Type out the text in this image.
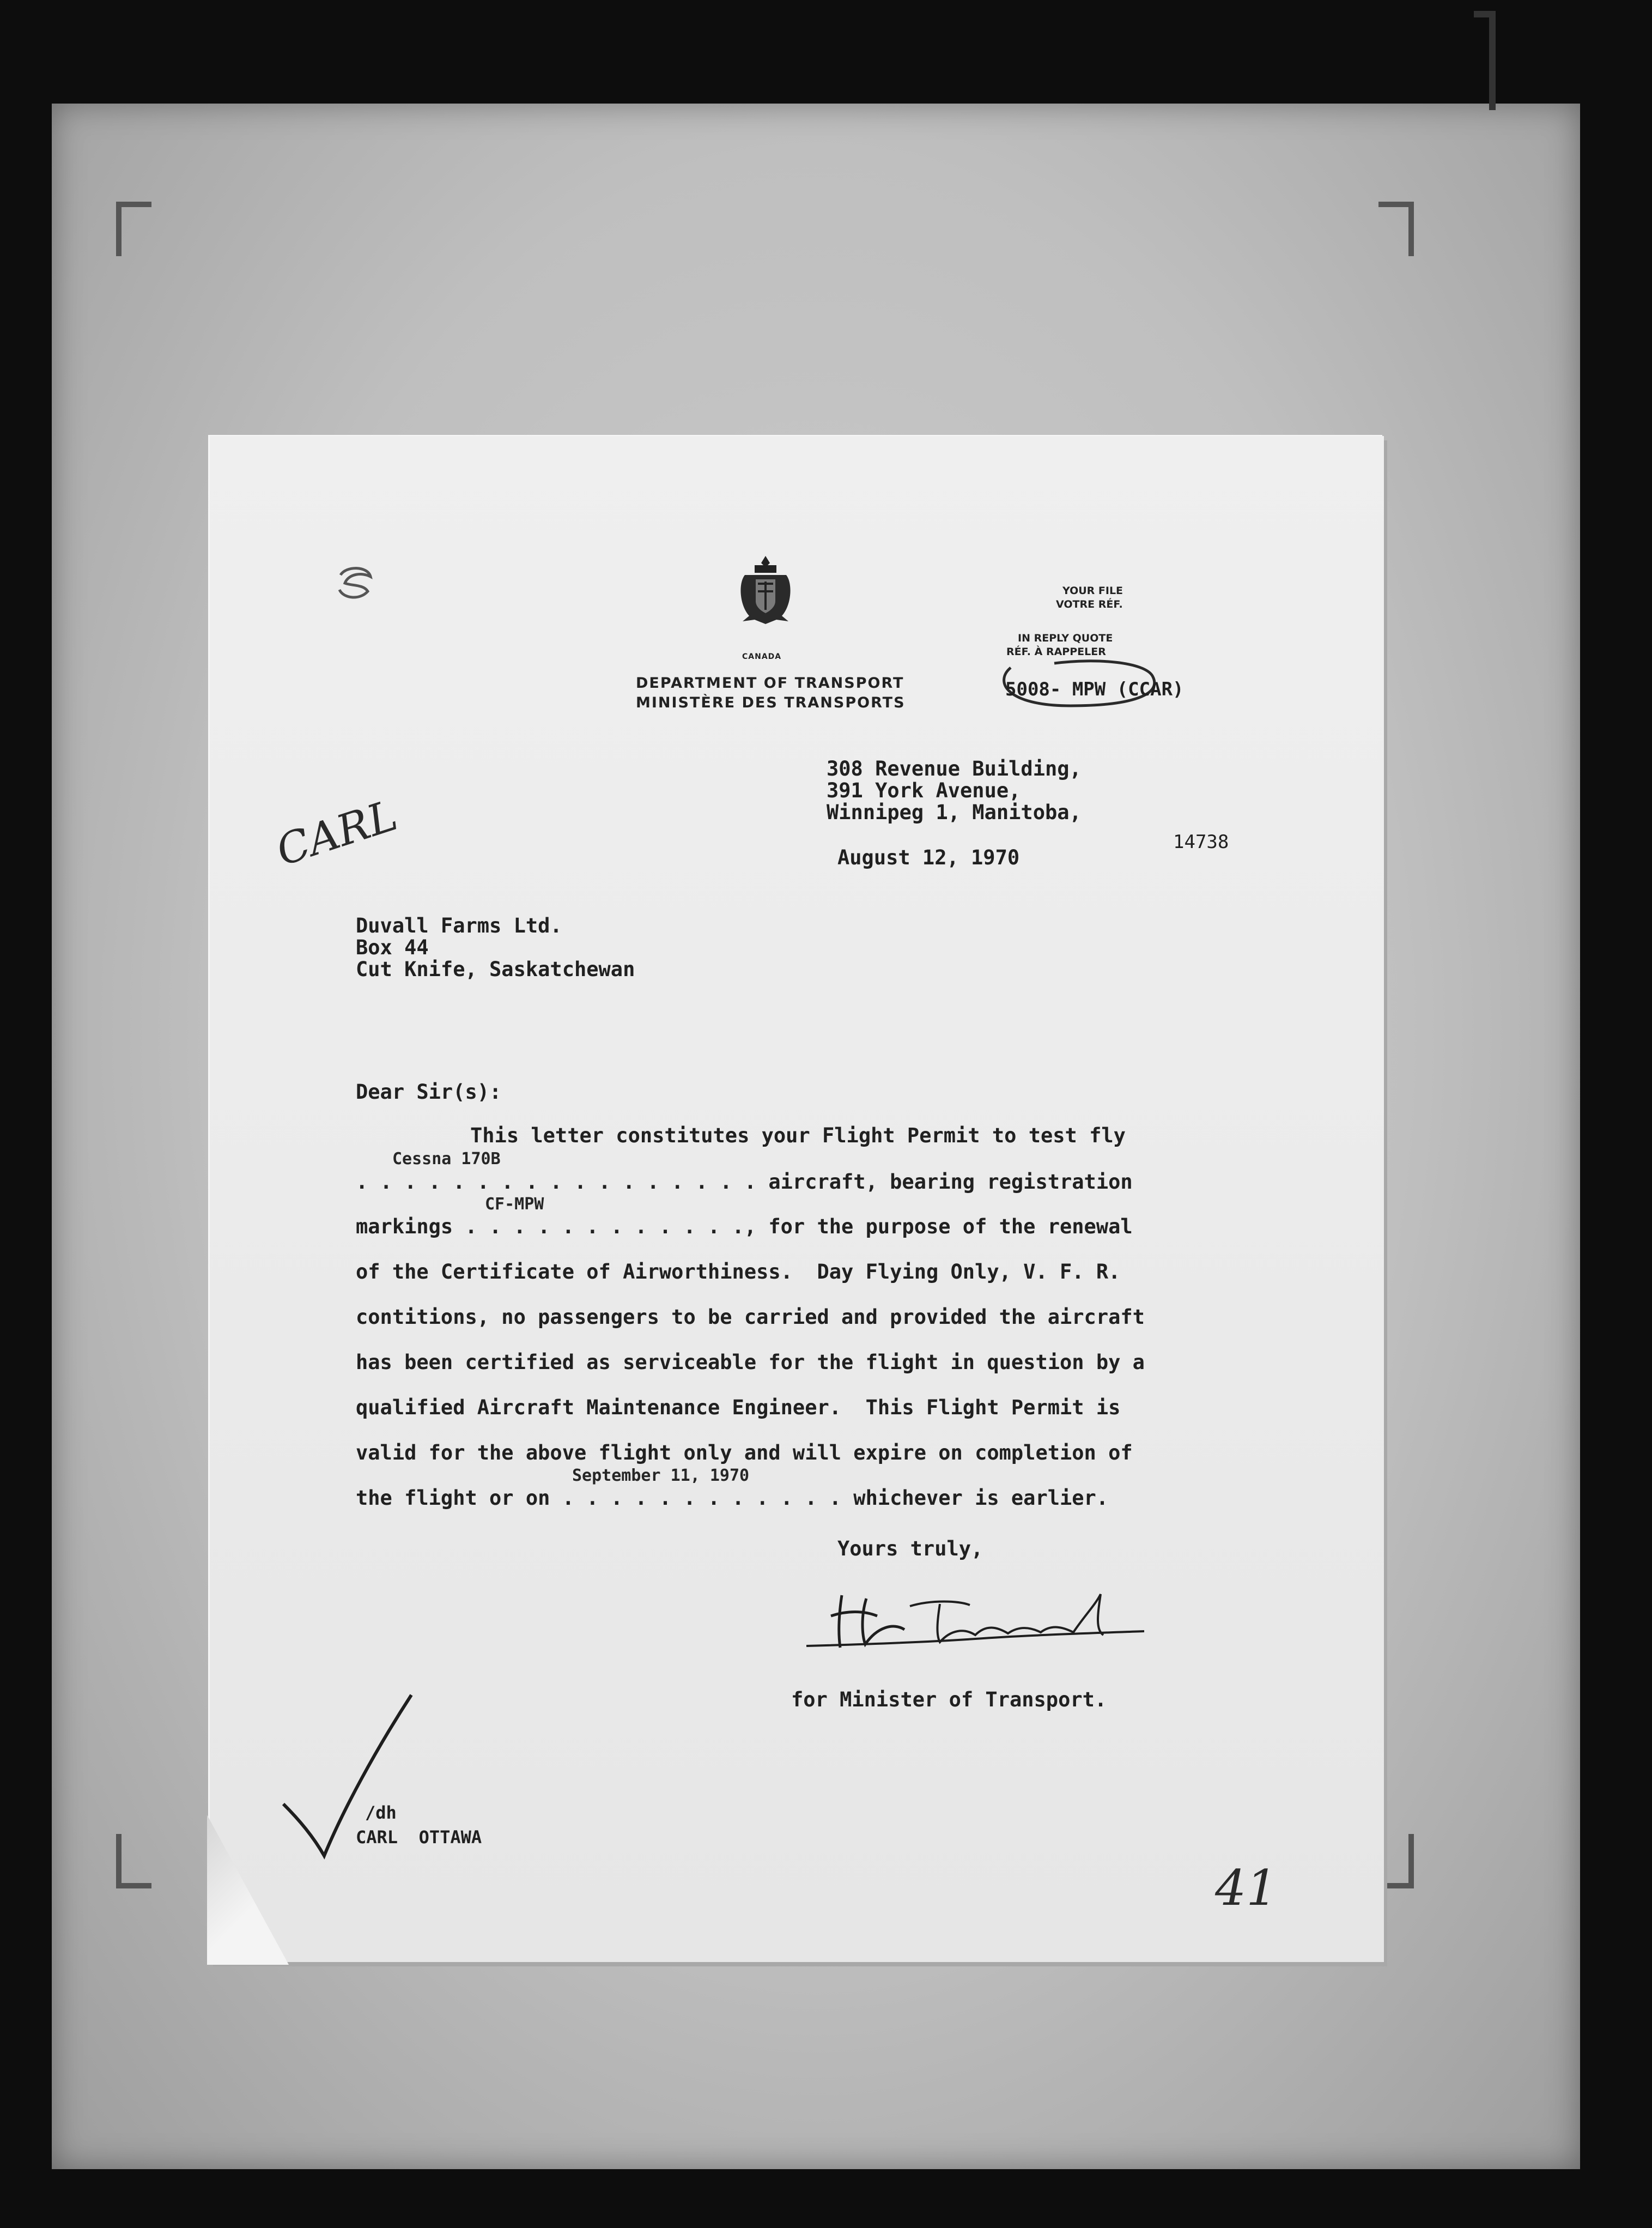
CANADA
DEPARTMENT OF TRANSPORT
MINISTÈRE DES TRANSPORTS
YOUR FILE
VOTRE RÉF.
IN REPLY QUOTE
RÉF. À RAPPELER
5008- MPW (CCAR)
308 Revenue Building,
391 York Avenue,
Winnipeg 1, Manitoba,
August 12, 1970
14738
CARL
Duvall Farms Ltd.
Box 44
Cut Knife, Saskatchewan
Dear Sir(s):
This letter constitutes your Flight Permit to test fly
Cessna 170B
. . . . . . . . . . . . . . . . . aircraft, bearing registration
CF-MPW
markings . . . . . . . . . . . ., for the purpose of the renewal
of the Certificate of Airworthiness.  Day Flying Only, V. F. R.
contitions, no passengers to be carried and provided the aircraft
has been certified as serviceable for the flight in question by a
qualified Aircraft Maintenance Engineer.  This Flight Permit is
valid for the above flight only and will expire on completion of
September 11, 1970
the flight or on . . . . . . . . . . . . whichever is earlier.
Yours truly,
for Minister of Transport.
/dh
CARL  OTTAWA
41
